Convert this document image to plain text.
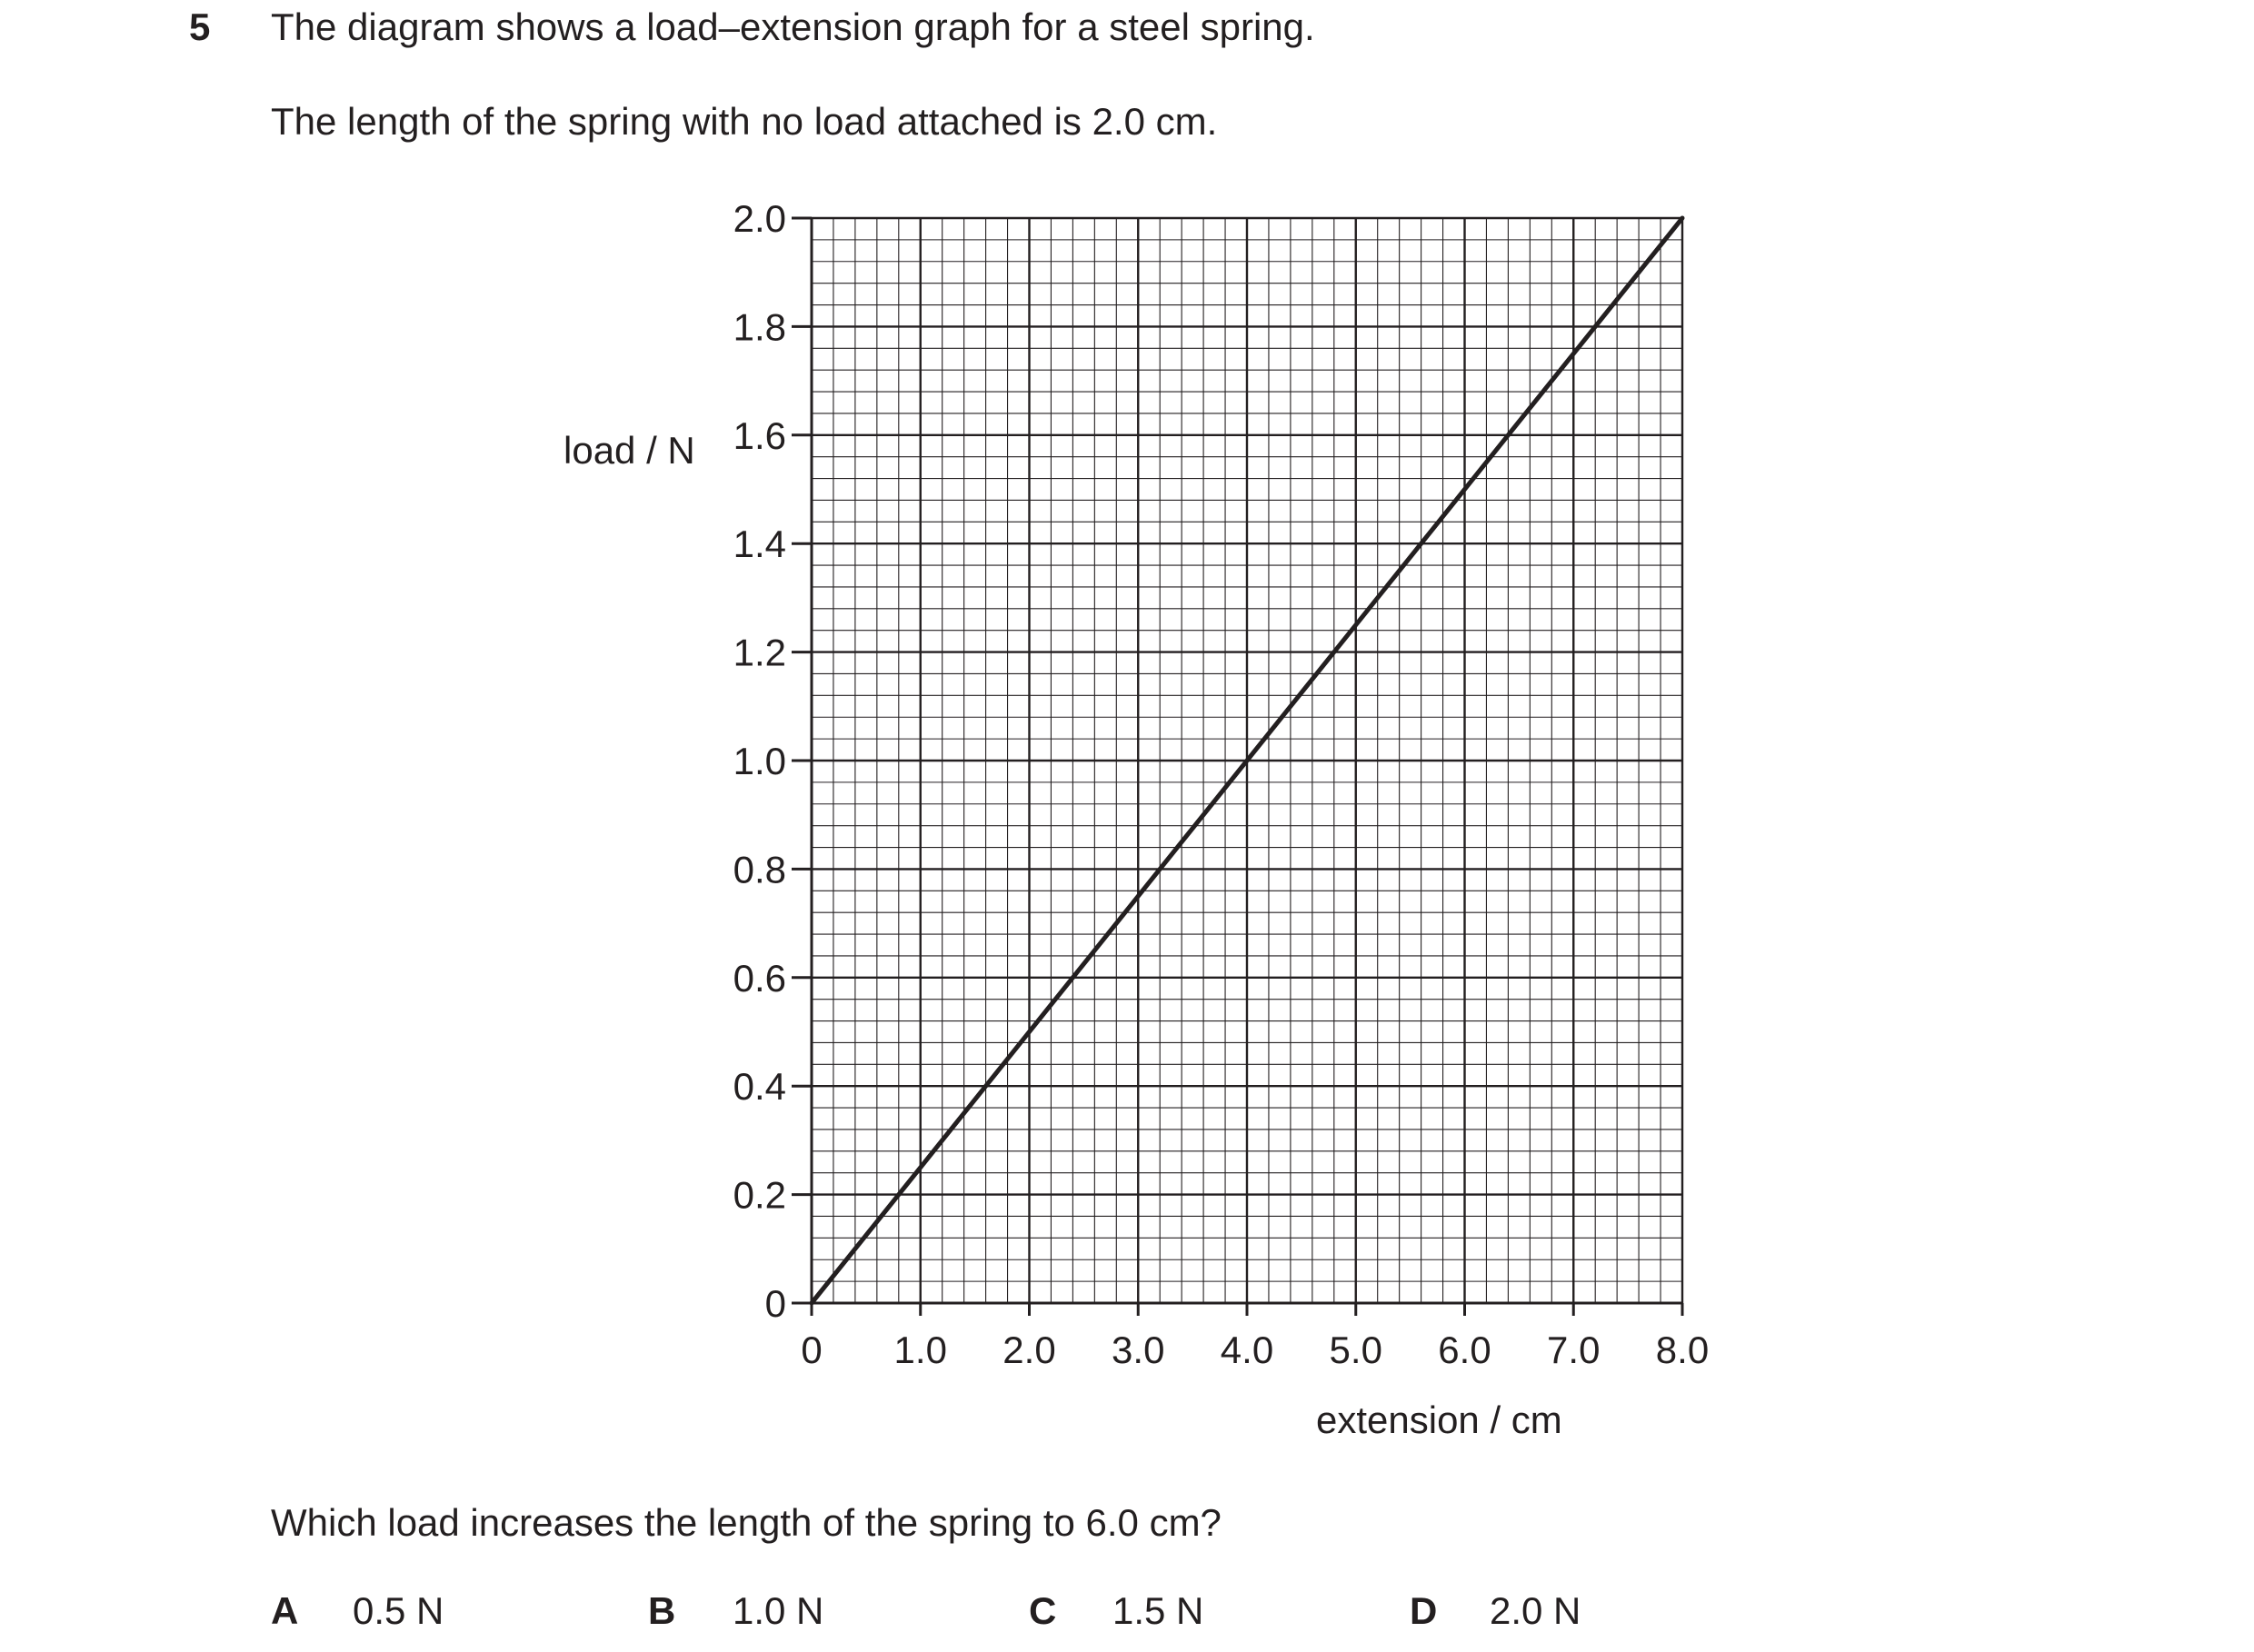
5 The diagram shows a load–extension graph for a steel spring.
The length of the spring with no load attached is 2.0 cm.
load / N
extension / cm
0 1.0 2.0 3.0 4.0 5.0 6.0 7.0 8.0
0
0.2
0.4
0.6
0.8
1.0
1.2
1.4
1.6
1.8
2.0
Which load increases the length of the spring to 6.0 cm?
A 0.5 N	B 1.0 N	C 1.5 N	D 2.0 N
